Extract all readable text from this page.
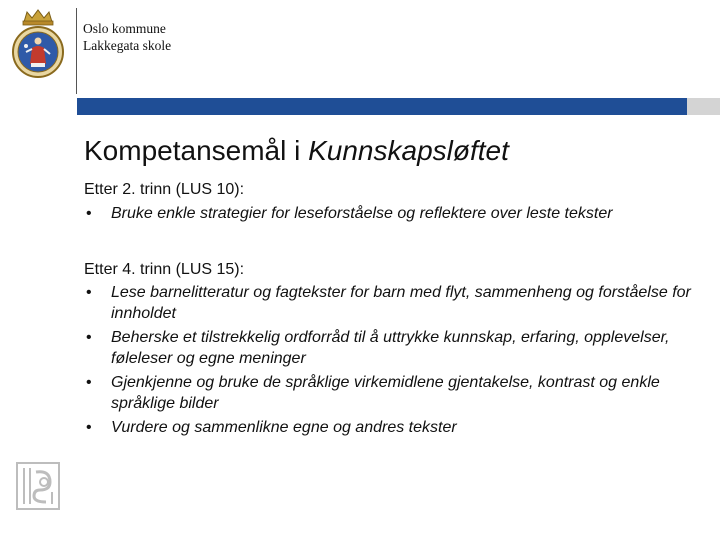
Oslo kommune
Lakkegata skole
Kompetansemål i Kunnskapsløftet
Etter 2. trinn (LUS 10):
• Bruke enkle strategier for leseforståelse og reflektere over leste tekster
Etter 4. trinn (LUS 15):
• Lese barnelitteratur og fagtekster for barn med flyt, sammenheng og forståelse for innholdet
• Beherske et tilstrekkelig ordforråd til å uttrykke kunnskap, erfaring, opplevelser, føleleser og egne meninger
• Gjenkjenne og bruke de språklige virkemidlene gjentakelse, kontrast og enkle språklige bilder
• Vurdere og sammenlikne egne og andres tekster
